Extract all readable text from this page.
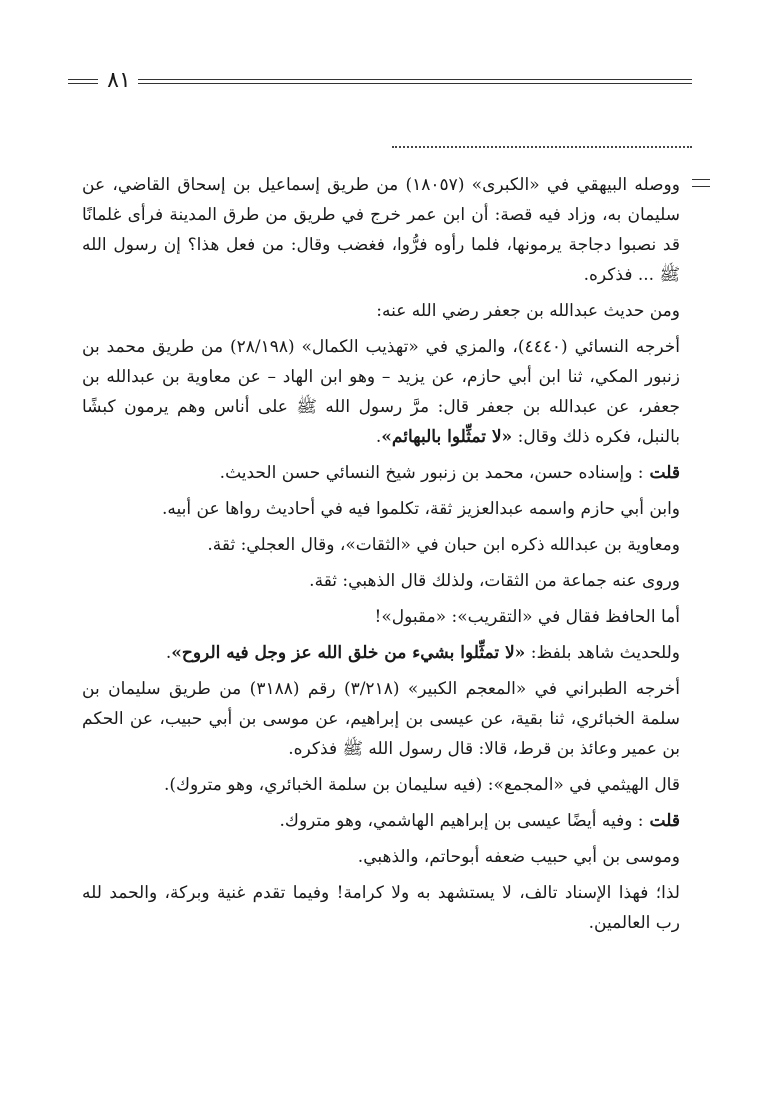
٨١

ووصله البيهقي في «الكبرى» (١٨٠٥٧) من طريق إسماعيل بن إسحاق القاضي، عن سليمان به، وزاد فيه قصة: أن ابن عمر خرج في طريق من طرق المدينة فرأى غلمانًا قد نصبوا دجاجة يرمونها، فلما رأوه فرُّوا، فغضب وقال: من فعل هذا؟ إن رسول الله ﷺ ... فذكره.

ومن حديث عبدالله بن جعفر رضي الله عنه:

أخرجه النسائي (٤٤٤٠)، والمزي في «تهذيب الكمال» (٢٨/١٩٨) من طريق محمد بن زنبور المكي، ثنا ابن أبي حازم، عن يزيد – وهو ابن الهاد – عن معاوية بن عبدالله بن جعفر، عن عبدالله بن جعفر قال: مرَّ رسول الله ﷺ على أناس وهم يرمون كبشًا بالنبل، فكره ذلك وقال: «لا تمثِّلوا بالبهائم».

قلت: وإسناده حسن، محمد بن زنبور شيخ النسائي حسن الحديث.

وابن أبي حازم واسمه عبدالعزيز ثقة، تكلموا فيه في أحاديث رواها عن أبيه.

ومعاوية بن عبدالله ذكره ابن حبان في «الثقات»، وقال العجلي: ثقة.

وروى عنه جماعة من الثقات، ولذلك قال الذهبي: ثقة.

أما الحافظ فقال في «التقريب»: «مقبول»!

وللحديث شاهد بلفظ: «لا تمثِّلوا بشيء من خلق الله عز وجل فيه الروح».

أخرجه الطبراني في «المعجم الكبير» (٣/٢١٨) رقم (٣١٨٨) من طريق سليمان بن سلمة الخبائري، ثنا بقية، عن عيسى بن إبراهيم، عن موسى بن أبي حبيب، عن الحكم بن عمير وعائذ بن قرط، قالا: قال رسول الله ﷺ فذكره.

قال الهيثمي في «المجمع»: (فيه سليمان بن سلمة الخبائري، وهو متروك).

قلت: وفيه أيضًا عيسى بن إبراهيم الهاشمي، وهو متروك.

وموسى بن أبي حبيب ضعفه أبوحاتم، والذهبي.

لذا؛ فهذا الإسناد تالف، لا يستشهد به ولا كرامة! وفيما تقدم غنية وبركة، والحمد لله رب العالمين.
